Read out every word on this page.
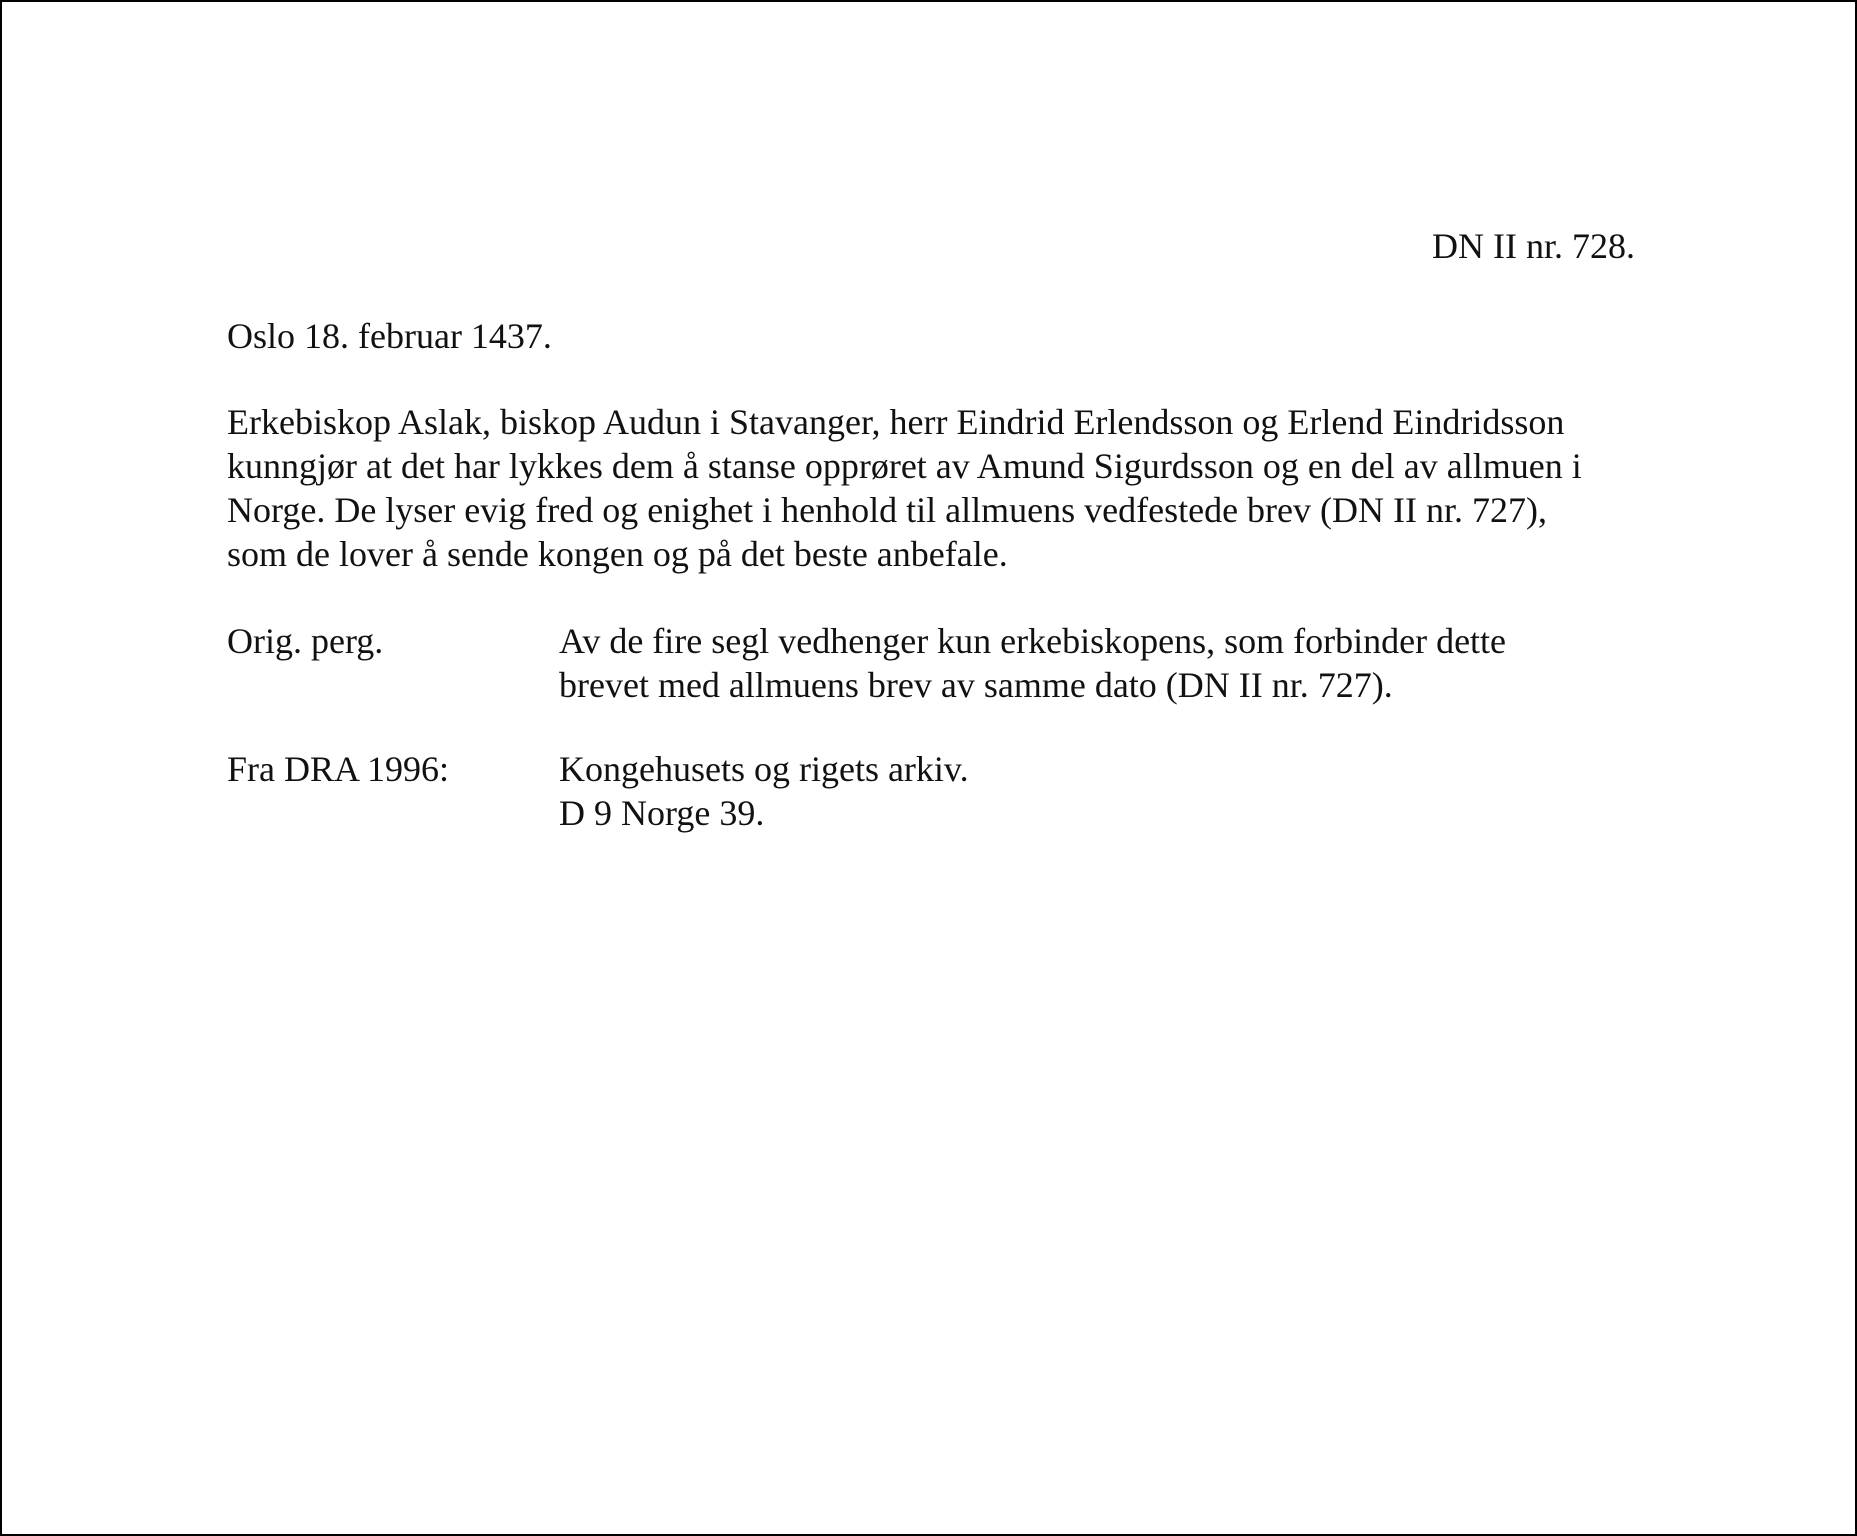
DN II nr. 728.
Oslo 18. februar 1437.
Erkebiskop Aslak, biskop Audun i Stavanger, herr Eindrid Erlendsson og Erlend Eindridsson
kunngjør at det har lykkes dem å stanse opprøret av Amund Sigurdsson og en del av allmuen i
Norge. De lyser evig fred og enighet i henhold til allmuens vedfestede brev (DN II nr. 727),
som de lover å sende kongen og på det beste anbefale.
Orig. perg.	Av de fire segl vedhenger kun erkebiskopens, som forbinder dette
brevet med allmuens brev av samme dato (DN II nr. 727).
Fra DRA 1996:	Kongehusets og rigets arkiv.
D 9 Norge 39.
